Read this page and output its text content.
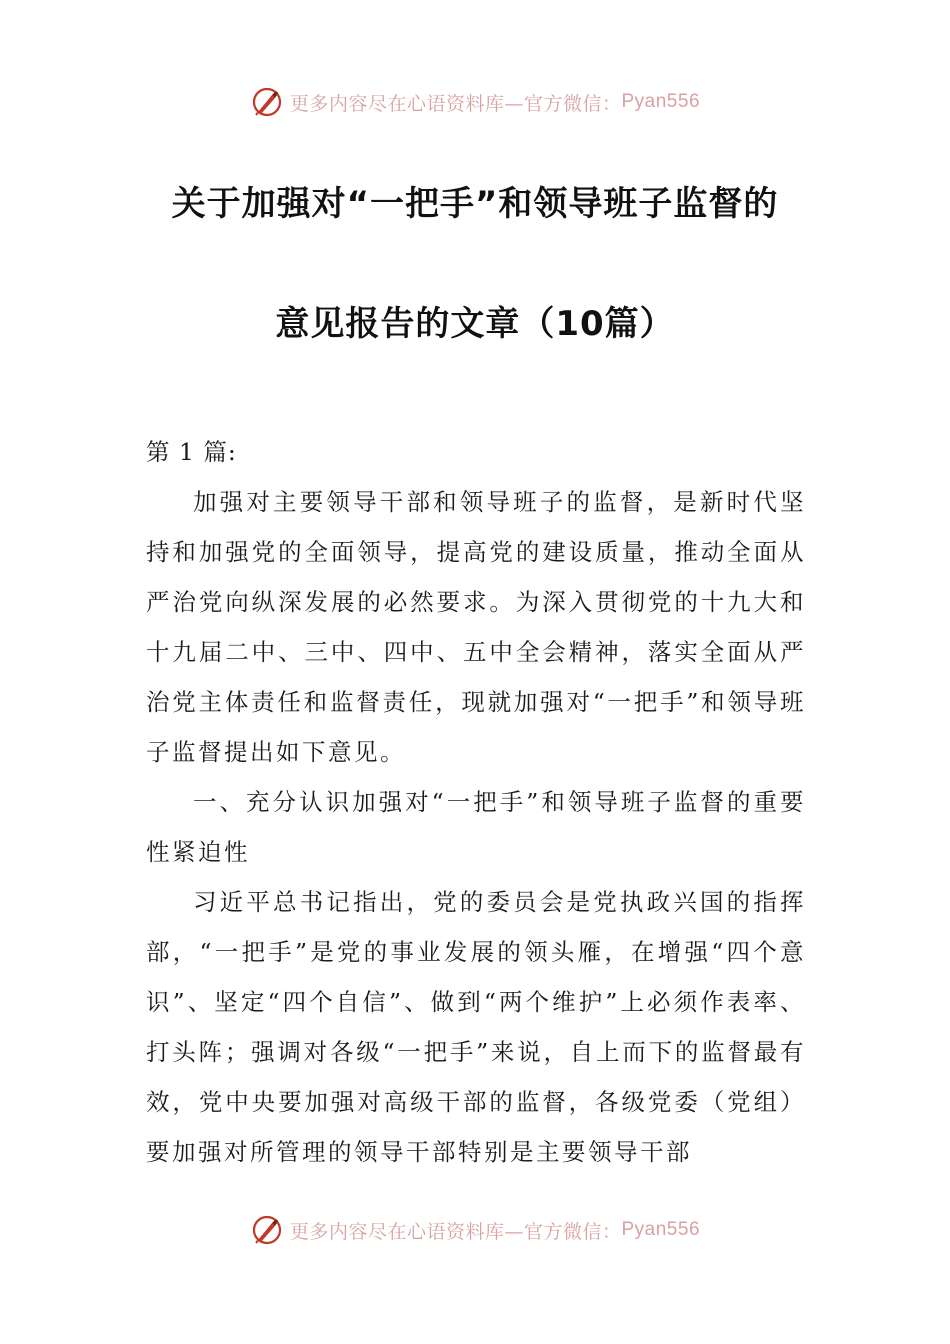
更多内容尽在心语资料库—官方微信： Pyan556
关于加强对“一把手”和领导班子监督的
意见报告的文章（10篇）

第 1 篇:

加强对主要领导干部和领导班子的监督，是新时代坚持和加强党的全面领导，提高党的建设质量，推动全面从严治党向纵深发展的必然要求。为深入贯彻党的十九大和十九届二中、三中、四中、五中全会精神，落实全面从严治党主体责任和监督责任，现就加强对“一把手”和领导班子监督提出如下意见。

一、充分认识加强对“一把手”和领导班子监督的重要性紧迫性

习近平总书记指出，党的委员会是党执政兴国的指挥部，“一把手”是党的事业发展的领头雁，在增强“四个意识”、坚定“四个自信”、做到“两个维护”上必须作表率、打头阵；强调对各级“一把手”来说，自上而下的监督最有效，党中央要加强对高级干部的监督，各级党委（党组）要加强对所管理的领导干部特别是主要领导干部

更多内容尽在心语资料库—官方微信： Pyan556
